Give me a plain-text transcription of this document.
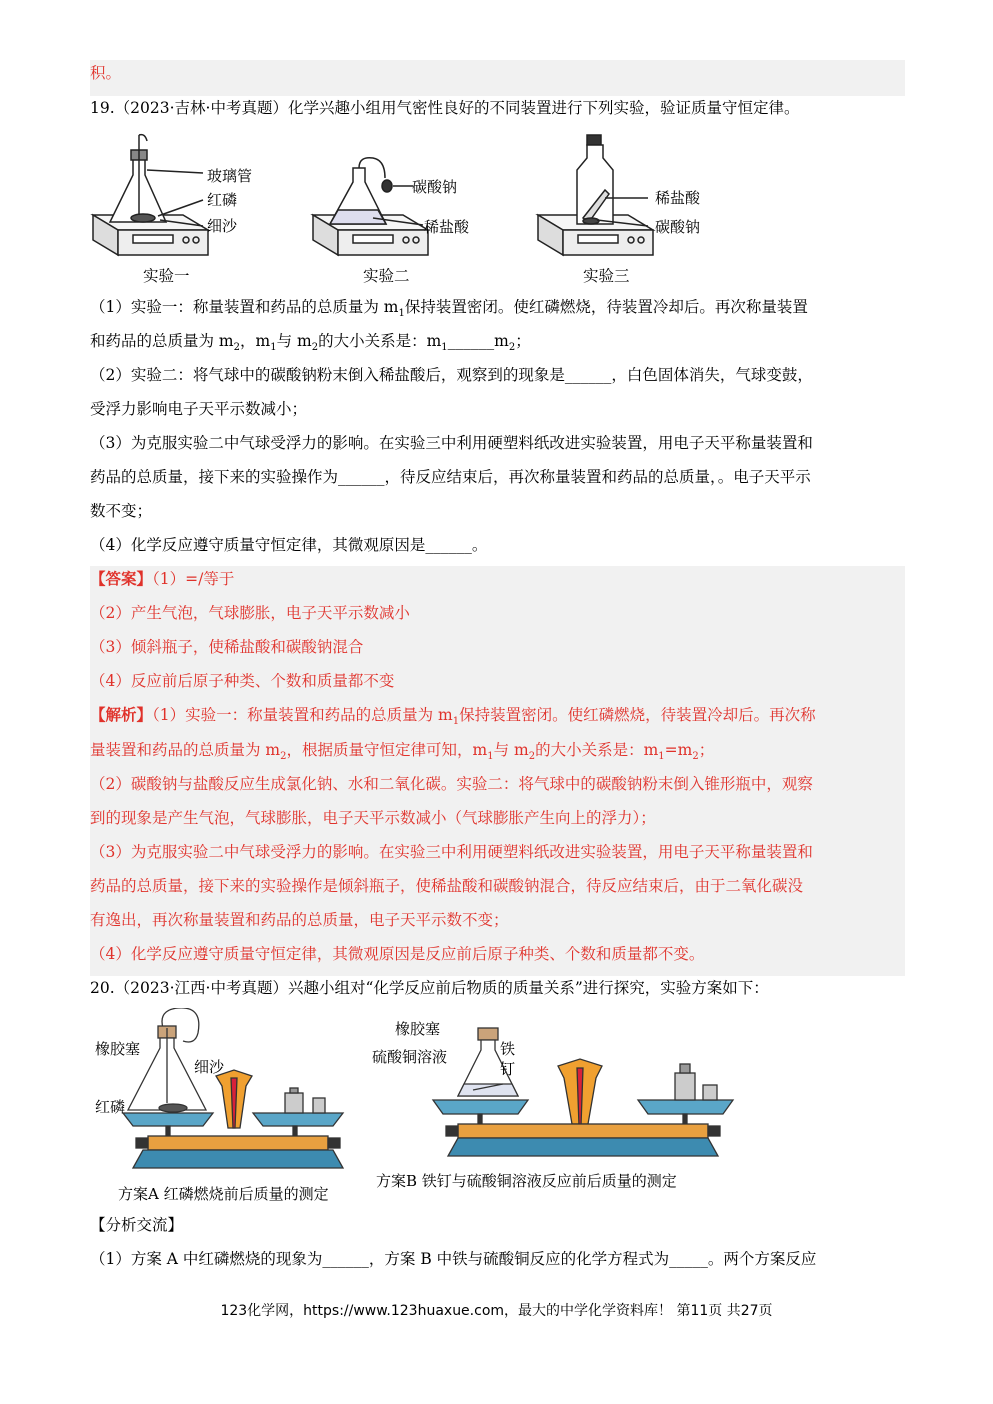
积。
19.（2023·吉林·中考真题）化学兴趣小组用气密性良好的不同装置进行下列实验，验证质量守恒定律。
玻璃管
红磷
细沙
实验一
碳酸钠
稀盐酸
实验二
稀盐酸
碳酸钠
实验三
（1）实验一：称量装置和药品的总质量为 $m_1$保持装置密闭。使红磷燃烧，待装置冷却后。再次称量装置
和药品的总质量为 $m_2$，$m_1$与 $m_2$的大小关系是：$m_1\_\_\_\_\_\_m_2$；
（2）实验二：将气球中的碳酸钠粉末倒入稀盐酸后，观察到的现象是______，白色固体消失，气球变鼓，
受浮力影响电子天平示数减小；
（3）为克服实验二中气球受浮力的影响。在实验三中利用硬塑料纸改进实验装置，用电子天平称量装置和
药品的总质量，接下来的实验操作为______，待反应结束后，再次称量装置和药品的总质量，。电子天平示
数不变；
（4）化学反应遵守质量守恒定律，其微观原因是______。
【答案】（1）=/等于
（2）产生气泡，气球膨胀，电子天平示数减小
（3）倾斜瓶子，使稀盐酸和碳酸钠混合
（4）反应前后原子种类、个数和质量都不变
【解析】（1）实验一：称量装置和药品的总质量为 $m_1$保持装置密闭。使红磷燃烧，待装置冷却后。再次称
量装置和药品的总质量为 $m_2$，根据质量守恒定律可知，$m_1$与 $m_2$的大小关系是：$m_1=m_2$；
（2）碳酸钠与盐酸反应生成氯化钠、水和二氧化碳。实验二：将气球中的碳酸钠粉末倒入锥形瓶中，观察
到的现象是产生气泡，气球膨胀，电子天平示数减小（气球膨胀产生向上的浮力）；
（3）为克服实验二中气球受浮力的影响。在实验三中利用硬塑料纸改进实验装置，用电子天平称量装置和
药品的总质量，接下来的实验操作是倾斜瓶子，使稀盐酸和碳酸钠混合，待反应结束后，由于二氧化碳没
有逸出，再次称量装置和药品的总质量，电子天平示数不变；
（4）化学反应遵守质量守恒定律，其微观原因是反应前后原子种类、个数和质量都不变。
20.（2023·江西·中考真题）兴趣小组对“化学反应前后物质的质量关系”进行探究，实验方案如下：
橡胶塞
细沙
红磷
方案A 红磷燃烧前后质量的测定
橡胶塞
硫酸铜溶液	铁
钉
方案B 铁钉与硫酸铜溶液反应前后质量的测定
【分析交流】
（1）方案 A 中红磷燃烧的现象为______，方案 B 中铁与硫酸铜反应的化学方程式为_____。两个方案反应
123化学网，https://www.123huaxue.com，最大的中学化学资料库！ 第11页 共27页
